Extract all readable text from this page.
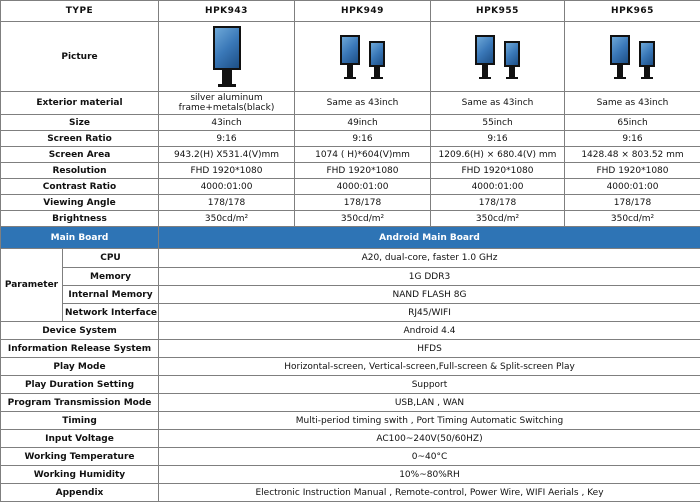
TYPE		HPK943	HPK949	HPK955	HPK965
Picture		

Exterior material		silver aluminum frame+metals(black)	Same as 43inch	Same as 43inch	Same as 43inch
Size		43inch	49inch	55inch	65inch
Screen Ratio		9:16	9:16	9:16	9:16
Screen Area		943.2(H) X531.4(V)mm	1074 ( H)*604(V)mm	1209.6(H) × 680.4(V) mm	1428.48 × 803.52 mm
Resolution		FHD 1920*1080	FHD 1920*1080	FHD 1920*1080	FHD 1920*1080
Contrast Ratio		4000:01:00	4000:01:00	4000:01:00	4000:01:00
Viewing Angle		178/178	178/178	178/178	178/178
Brightness		350cd/m²	350cd/m²	350cd/m²	350cd/m²
Main Board		Android Main Board			
Parameter	CPU	A20, dual-core, faster 1.0 GHz			
	Memory	1G DDR3			
	Internal Memory	NAND FLASH 8G			
	Network Interface	RJ45/WIFI			
Device System		Android 4.4			
Information Release System		HFDS			
Play Mode		Horizontal-screen, Vertical-screen,Full-screen & Split-screen Play			
Play Duration Setting		Support			
Program Transmission Mode		USB,LAN , WAN			
Timing		Multi-period timing swith , Port Timing Automatic Switching			
Input Voltage		AC100~240V(50/60HZ)			
Working Temperature		0~40°C			
Working Humidity		10%~80%RH			
Appendix		Electronic Instruction Manual , Remote-control, Power Wire, WIFI Aerials , Key			
